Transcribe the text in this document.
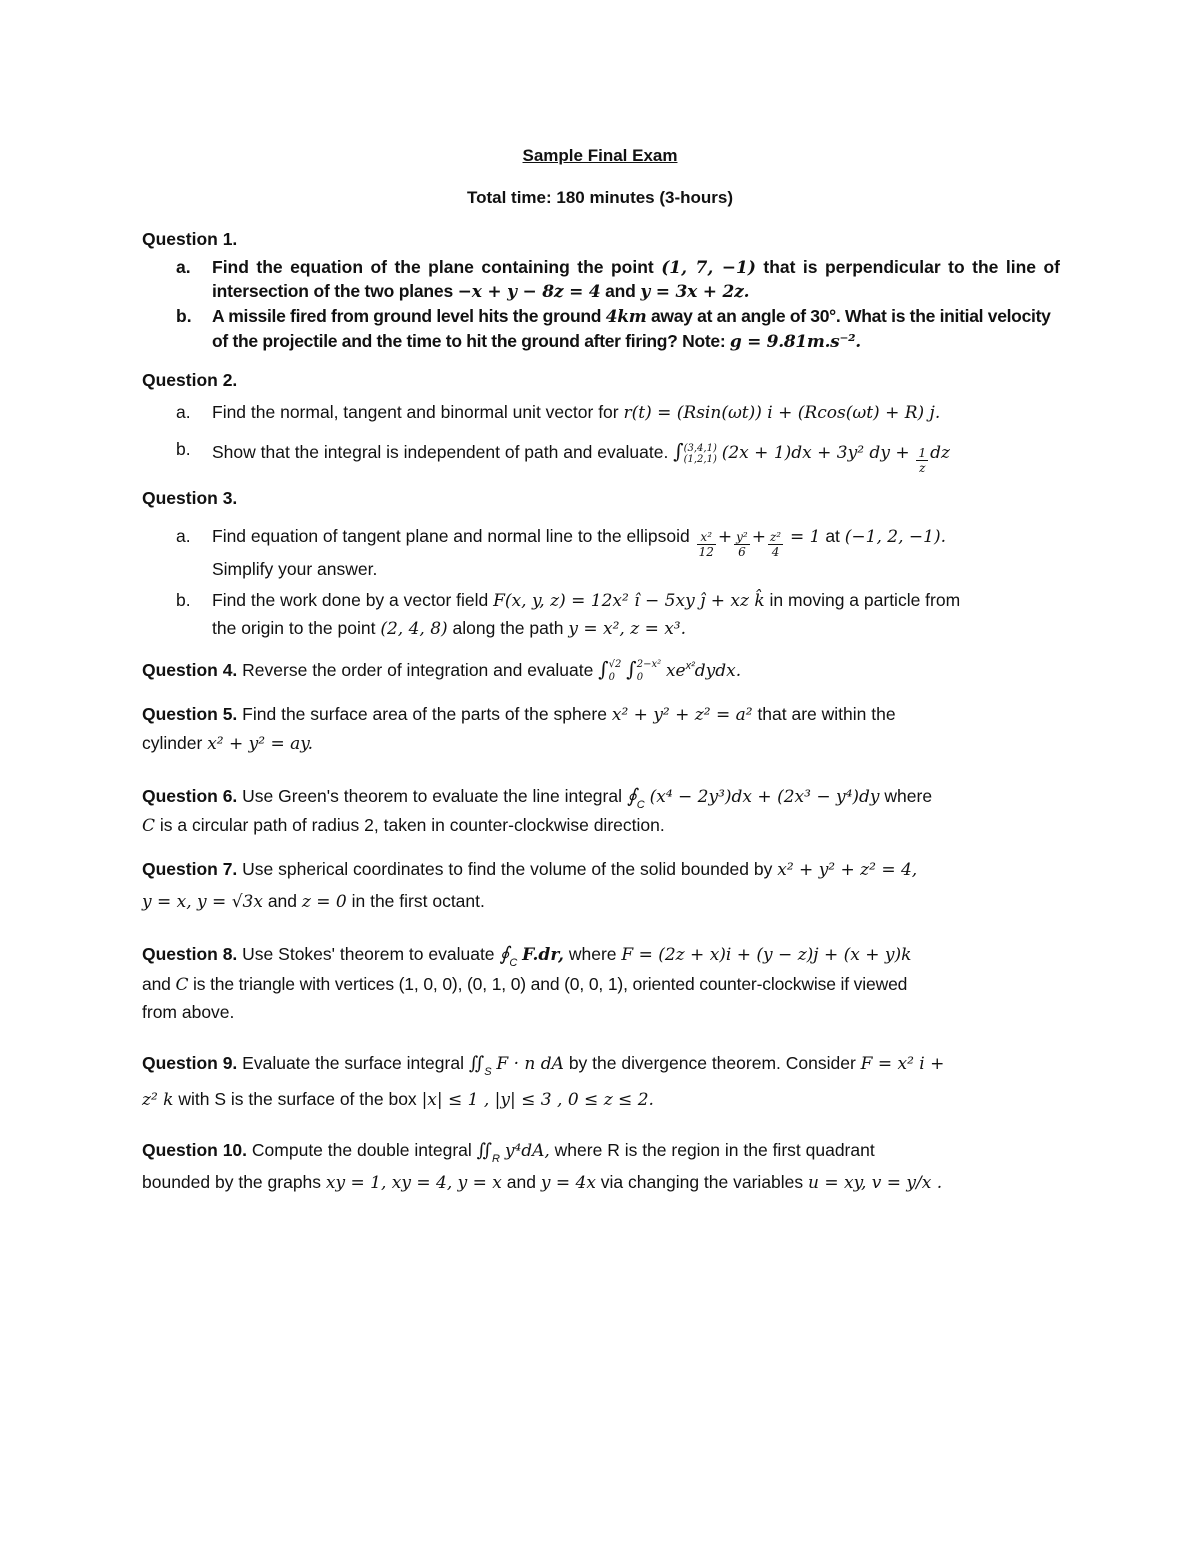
Sample Final Exam
Total time: 180 minutes (3-hours)
Question 1.
a. Find the equation of the plane containing the point (1, 7, −1) that is perpendicular to the line of
intersection of the two planes −x + y − 8z = 4 and y = 3x + 2z.
b. A missile fired from ground level hits the ground 4km away at an angle of 30°. What is the initial velocity
of the projectile and the time to hit the ground after firing? Note: g = 9.81m.s⁻².
Question 2.
a. Find the normal, tangent and binormal unit vector for r(t) = (Rsin(ωt)) i + (Rcos(ωt) + R) j.
b. Show that the integral is independent of path and evaluate. ∫ (3,4,1)
(1,2,1) (2x + 1)dx + 3y² dy + $\frac{1}{z}$ dz
Question 3.
a. Find equation of tangent plane and normal line to the ellipsoid $\frac{\text{x²}}{12} + \frac{\text{y²}}{6} + \frac{\text{z²}}{4} = 1$ at (−1, 2, −1).
Simplify your answer.
b. Find the work done by a vector field F(x, y, z) = 12x² î − 5xy ĵ + xz k̂ in moving a particle from
the origin to the point (2, 4, 8) along the path y = x², z = x³.
Question 4. Reverse the order of integration and evaluate ∫ √2
0 ∫ 2−x²
0	$xe^{x^2}dydx$.
Question 5. Find the surface area of the parts of the sphere x² + y² + z² = a² that are within the
cylinder x² + y² = ay.
Question 6. Use Green's theorem to evaluate the line integral $∮_C$ (x⁴ − 2y³)dx + (2x³ − y⁴)dy where
C is a circular path of radius 2, taken in counter-clockwise direction.
Question 7. Use spherical coordinates to find the volume of the solid bounded by x² + y² + z² = 4,
y = x, y = √3x and z = 0 in the first octant.
Question 8. Use Stokes' theorem to evaluate $∮_C$ F.dr, where F = (2z + x)i + (y − z)j + (x + y)k
and C is the triangle with vertices (1, 0, 0), (0, 1, 0) and (0, 0, 1), oriented counter-clockwise if viewed
from above.
Question 9. Evaluate the surface integral $∬_S$ F · n dA by the divergence theorem. Consider F = x² i +
z² k with S is the surface of the box |x| ≤ 1 , |y| ≤ 3 , 0 ≤ z ≤ 2.
Question 10. Compute the double integral $∬_R$ y⁴dA, where R is the region in the first quadrant
bounded by the graphs xy = 1, xy = 4, y = x and y = 4x via changing the variables u = xy, v = y/x .
